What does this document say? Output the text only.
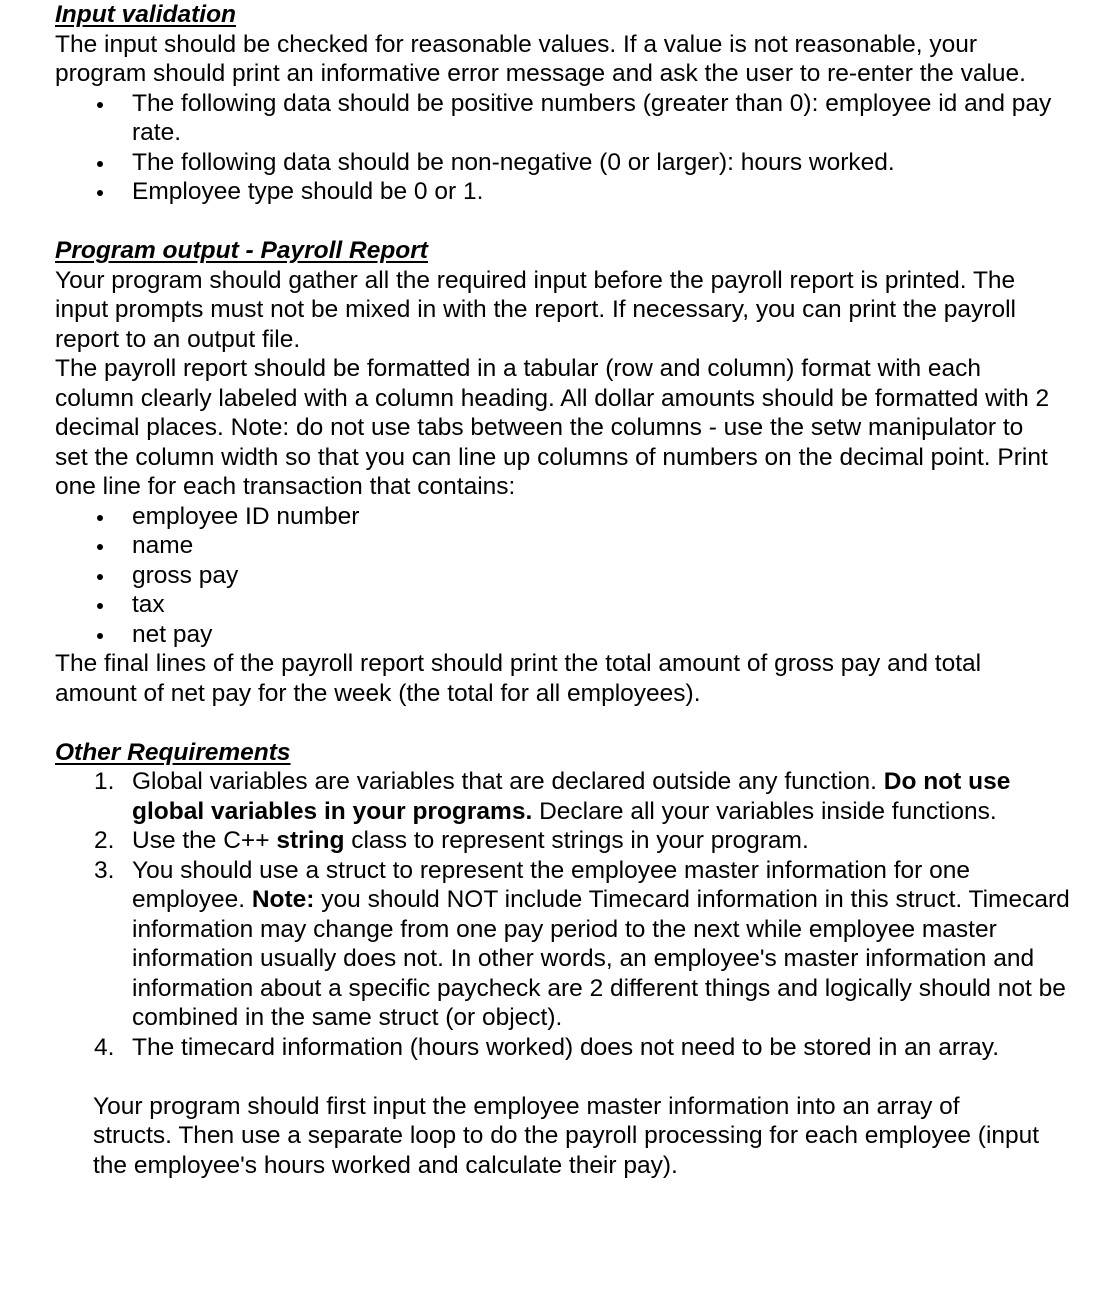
Input validation

The input should be checked for reasonable values. If a value is not reasonable, your program should print an informative error message and ask the user to re-enter the value.

The following data should be positive numbers (greater than 0): employee id and pay rate.
The following data should be non-negative (0 or larger): hours worked.
Employee type should be 0 or 1.
Program output - Payroll Report

Your program should gather all the required input before the payroll report is printed. The input prompts must not be mixed in with the report. If necessary, you can print the payroll report to an output file.

The payroll report should be formatted in a tabular (row and column) format with each column clearly labeled with a column heading. All dollar amounts should be formatted with 2 decimal places. Note: do not use tabs between the columns - use the setw manipulator to set the column width so that you can line up columns of numbers on the decimal point. Print one line for each transaction that contains:

employee ID number
name
gross pay
tax
net pay

The final lines of the payroll report should print the total amount of gross pay and total amount of net pay for the week (the total for all employees).

Other Requirements
1. Global variables are variables that are declared outside any function. Do not use global variables in your programs. Declare all your variables inside functions.
2. Use the C++ string class to represent strings in your program.
3. You should use a struct to represent the employee master information for one employee. Note: you should NOT include Timecard information in this struct. Timecard information may change from one pay period to the next while employee master information usually does not. In other words, an employee's master information and information about a specific paycheck are 2 different things and logically should not be combined in the same struct (or object).
4. The timecard information (hours worked) does not need to be stored in an array.

Your program should first input the employee master information into an array of structs. Then use a separate loop to do the payroll processing for each employee (input the employee's hours worked and calculate their pay).
